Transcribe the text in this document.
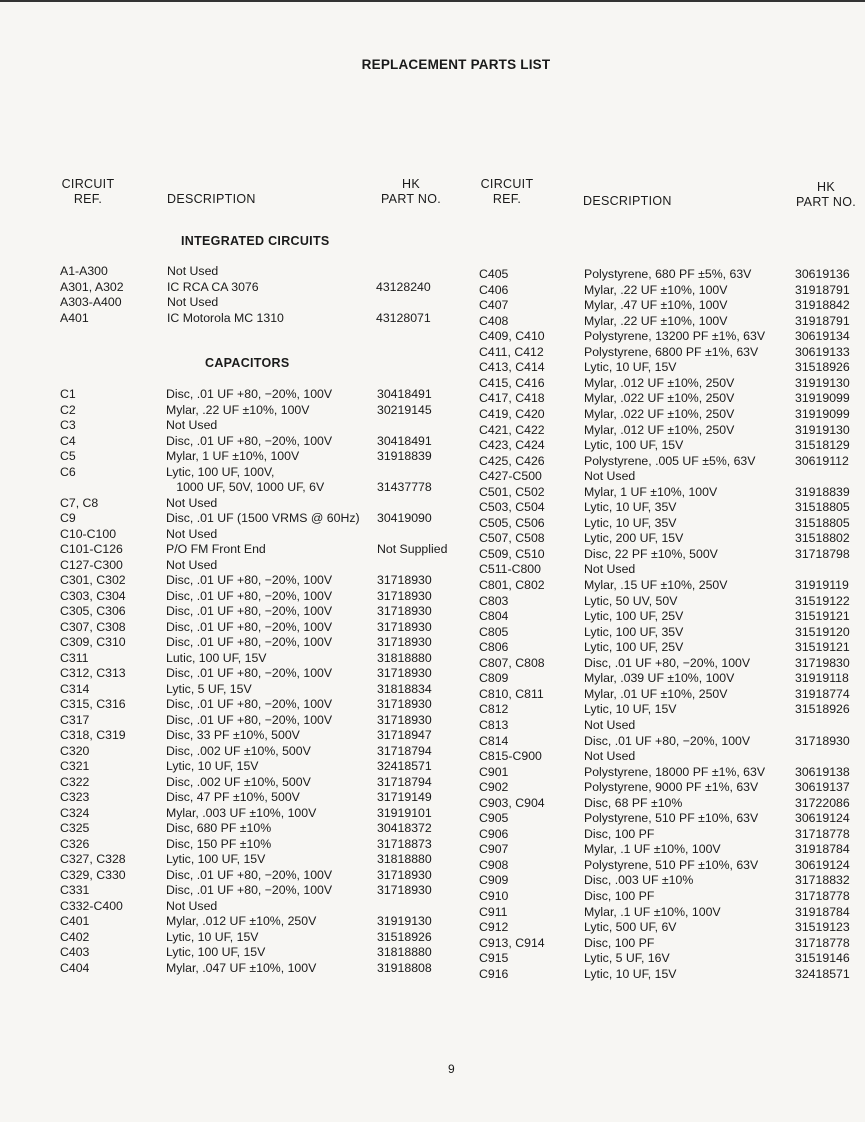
REPLACEMENT PARTS LIST
CIRCUIT
REF.	DESCRIPTION
HK
PART NO.
CIRCUIT
REF.	DESCRIPTION
HK
PART NO.
INTEGRATED CIRCUITS
CAPACITORS
A1-A300	Not Used
A301, A302	IC RCA CA 3076	43128240
A303-A400	Not Used
A401	IC Motorola MC 1310	43128071
C1	Disc, .01 UF +80, −20%, 100V	30418491
C2	Mylar, .22 UF ±10%, 100V	30219145
C3	Not Used
C4	Disc, .01 UF +80, −20%, 100V	30418491
C5	Mylar, 1 UF ±10%, 100V	31918839
C6	Lytic, 100 UF, 100V,
1000 UF, 50V, 1000 UF, 6V	31437778
C7, C8	Not Used
C9	Disc, .01 UF (1500 VRMS @ 60Hz) 30419090
C10-C100	Not Used
C101-C126	P/O FM Front End	Not Supplied
C127-C300	Not Used
C301, C302	Disc, .01 UF +80, −20%, 100V	31718930
C303, C304	Disc, .01 UF +80, −20%, 100V	31718930
C305, C306	Disc, .01 UF +80, −20%, 100V	31718930
C307, C308	Disc, .01 UF +80, −20%, 100V	31718930
C309, C310	Disc, .01 UF +80, −20%, 100V	31718930
C311	Lutic, 100 UF, 15V	31818880
C312, C313	Disc, .01 UF +80, −20%, 100V	31718930
C314	Lytic, 5 UF, 15V	31818834
C315, C316	Disc, .01 UF +80, −20%, 100V	31718930
C317	Disc, .01 UF +80, −20%, 100V	31718930
C318, C319	Disc, 33 PF ±10%, 500V	31718947
C320	Disc, .002 UF ±10%, 500V	31718794
C321	Lytic, 10 UF, 15V	32418571
C322	Disc, .002 UF ±10%, 500V	31718794
C323	Disc, 47 PF ±10%, 500V	31719149
C324	Mylar, .003 UF ±10%, 100V	31919101
C325	Disc, 680 PF ±10%	30418372
C326	Disc, 150 PF ±10%	31718873
C327, C328	Lytic, 100 UF, 15V	31818880
C329, C330	Disc, .01 UF +80, −20%, 100V	31718930
C331	Disc, .01 UF +80, −20%, 100V	31718930
C332-C400	Not Used
C401	Mylar, .012 UF ±10%, 250V	31919130
C402	Lytic, 10 UF, 15V	31518926
C403	Lytic, 100 UF, 15V	31818880
C404	Mylar, .047 UF ±10%, 100V	31918808
C405	Polystyrene, 680 PF ±5%, 63V	30619136
C406	Mylar, .22 UF ±10%, 100V	31918791
C407	Mylar, .47 UF ±10%, 100V	31918842
C408	Mylar, .22 UF ±10%, 100V	31918791
C409, C410	Polystyrene, 13200 PF ±1%, 63V 30619134
C411, C412	Polystyrene, 6800 PF ±1%, 63V	30619133
C413, C414	Lytic, 10 UF, 15V	31518926
C415, C416	Mylar, .012 UF ±10%, 250V	31919130
C417, C418	Mylar, .022 UF ±10%, 250V	31919099
C419, C420	Mylar, .022 UF ±10%, 250V	31919099
C421, C422	Mylar, .012 UF ±10%, 250V	31919130
C423, C424	Lytic, 100 UF, 15V	31518129
C425, C426	Polystyrene, .005 UF ±5%, 63V	30619112
C427-C500	Not Used
C501, C502	Mylar, 1 UF ±10%, 100V	31918839
C503, C504	Lytic, 10 UF, 35V	31518805
C505, C506	Lytic, 10 UF, 35V	31518805
C507, C508	Lytic, 200 UF, 15V	31518802
C509, C510	Disc, 22 PF ±10%, 500V	31718798
C511-C800	Not Used
C801, C802	Mylar, .15 UF ±10%, 250V	31919119
C803	Lytic, 50 UV, 50V	31519122
C804	Lytic, 100 UF, 25V	31519121
C805	Lytic, 100 UF, 35V	31519120
C806	Lytic, 100 UF, 25V	31519121
C807, C808	Disc, .01 UF +80, −20%, 100V	31719830
C809	Mylar, .039 UF ±10%, 100V	31919118
C810, C811	Mylar, .01 UF ±10%, 250V	31918774
C812	Lytic, 10 UF, 15V	31518926
C813	Not Used
C814	Disc, .01 UF +80, −20%, 100V	31718930
C815-C900	Not Used
C901	Polystyrene, 18000 PF ±1%, 63V 30619138
C902	Polystyrene, 9000 PF ±1%, 63V	30619137
C903, C904	Disc, 68 PF ±10%	31722086
C905	Polystyrene, 510 PF ±10%, 63V	30619124
C906	Disc, 100 PF	31718778
C907	Mylar, .1 UF ±10%, 100V	31918784
C908	Polystyrene, 510 PF ±10%, 63V	30619124
C909	Disc, .003 UF ±10%	31718832
C910	Disc, 100 PF	31718778
C911	Mylar, .1 UF ±10%, 100V	31918784
C912	Lytic, 500 UF, 6V	31519123
C913, C914	Disc, 100 PF	31718778
C915	Lytic, 5 UF, 16V	31519146
C916	Lytic, 10 UF, 15V	32418571
9
